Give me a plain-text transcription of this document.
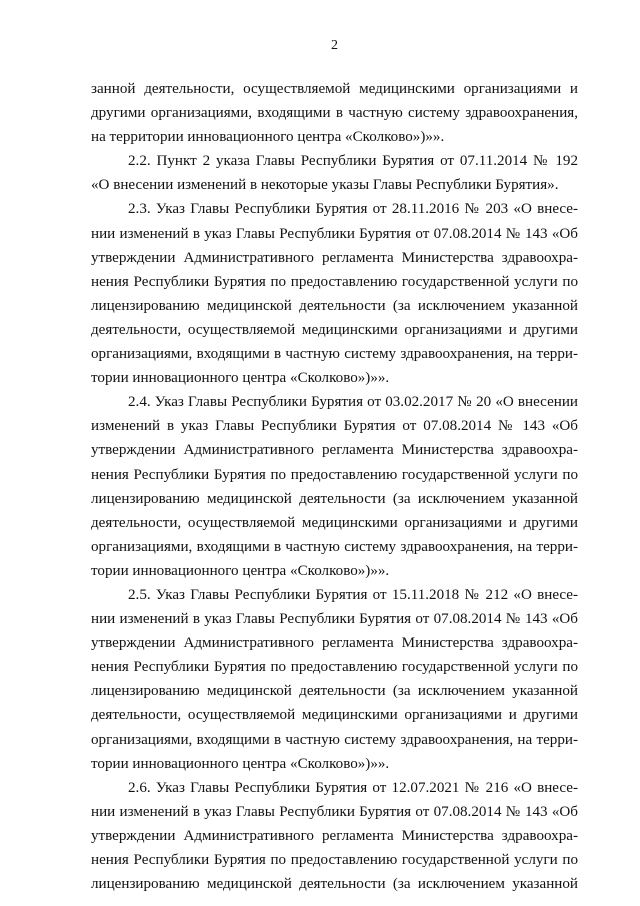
2
занной деятельности, осуществляемой медицинскими организациями и
другими организациями, входящими в частную систему здравоохранения,
на территории инновационного центра «Сколково»)»».
2.2. Пункт 2 указа Главы Республики Бурятия от 07.11.2014 № 192
«О внесении изменений в некоторые указы Главы Республики Бурятия».
2.3. Указ Главы Республики Бурятия от 28.11.2016 № 203 «О внесе-
нии изменений в указ Главы Республики Бурятия от 07.08.2014 № 143 «Об
утверждении Административного регламента Министерства здравоохра-
нения Республики Бурятия по предоставлению государственной услуги по
лицензированию медицинской деятельности (за исключением указанной
деятельности, осуществляемой медицинскими организациями и другими
организациями, входящими в частную систему здравоохранения, на терри-
тории инновационного центра «Сколково»)»».
2.4. Указ Главы Республики Бурятия от 03.02.2017 № 20 «О внесении
изменений в указ Главы Республики Бурятия от 07.08.2014 № 143 «Об
утверждении Административного регламента Министерства здравоохра-
нения Республики Бурятия по предоставлению государственной услуги по
лицензированию медицинской деятельности (за исключением указанной
деятельности, осуществляемой медицинскими организациями и другими
организациями, входящими в частную систему здравоохранения, на терри-
тории инновационного центра «Сколково»)»».
2.5. Указ Главы Республики Бурятия от 15.11.2018 № 212 «О внесе-
нии изменений в указ Главы Республики Бурятия от 07.08.2014 № 143 «Об
утверждении Административного регламента Министерства здравоохра-
нения Республики Бурятия по предоставлению государственной услуги по
лицензированию медицинской деятельности (за исключением указанной
деятельности, осуществляемой медицинскими организациями и другими
организациями, входящими в частную систему здравоохранения, на терри-
тории инновационного центра «Сколково»)»».
2.6. Указ Главы Республики Бурятия от 12.07.2021 № 216 «О внесе-
нии изменений в указ Главы Республики Бурятия от 07.08.2014 № 143 «Об
утверждении Административного регламента Министерства здравоохра-
нения Республики Бурятия по предоставлению государственной услуги по
лицензированию медицинской деятельности (за исключением указанной
